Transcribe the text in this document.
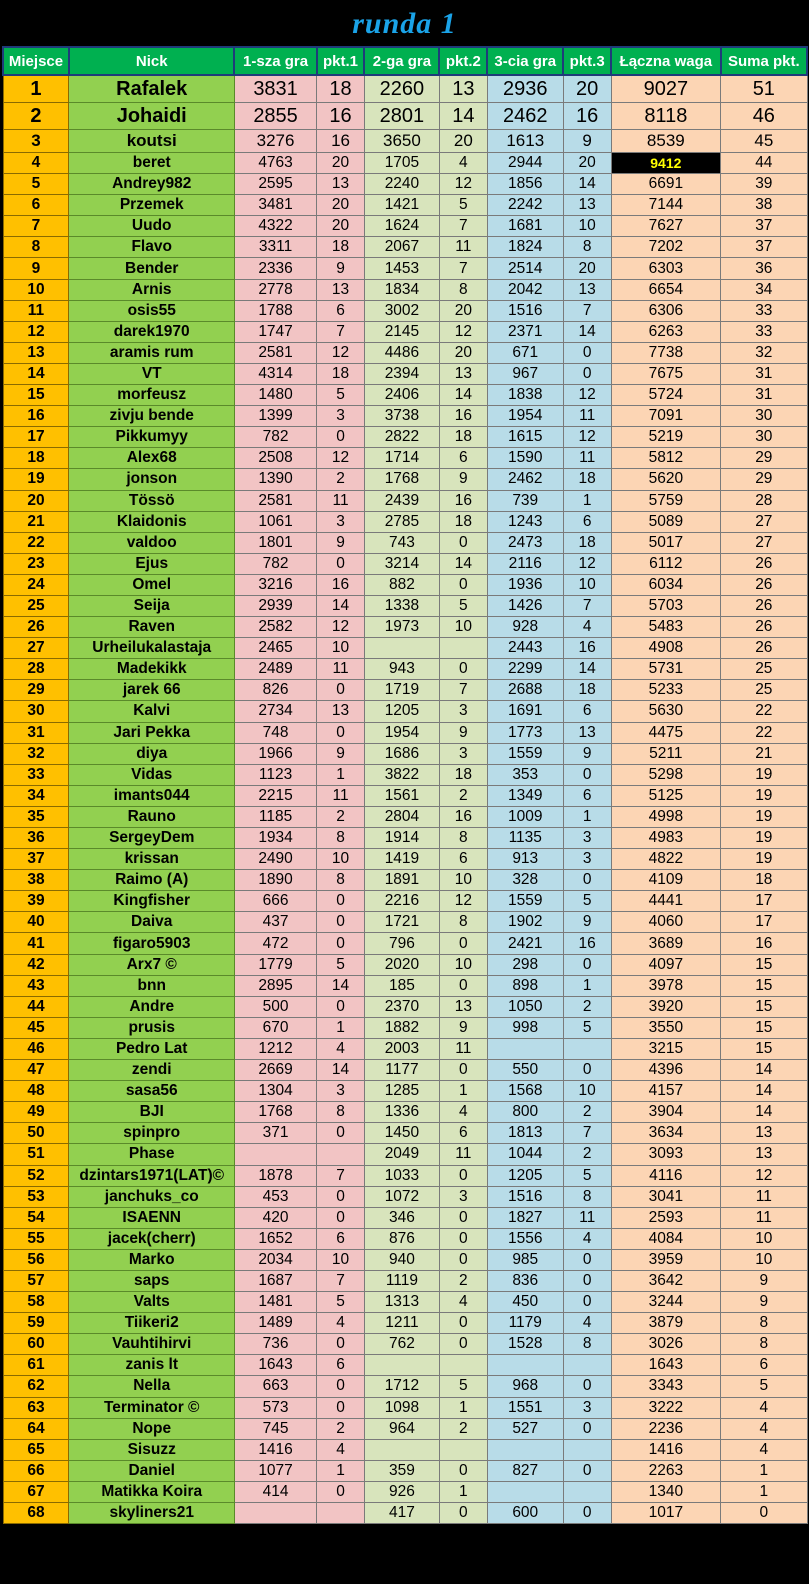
runda 1
Miejsce	Nick	1-sza gra	pkt.1	2-ga gra	pkt.2	3-cia gra	pkt.3	Łączna waga	Suma pkt.
1	Rafalek	3831	18	2260	13	2936	20	9027	51
2	Johaidi	2855	16	2801	14	2462	16	8118	46
3	koutsi	3276	16	3650	20	1613	9	8539	45
4	beret	4763	20	1705	4	2944	20	9412	44
5	Andrey982	2595	13	2240	12	1856	14	6691	39
6	Przemek	3481	20	1421	5	2242	13	7144	38
7	Uudo	4322	20	1624	7	1681	10	7627	37
8	Flavo	3311	18	2067	11	1824	8	7202	37
9	Bender	2336	9	1453	7	2514	20	6303	36
10	Arnis	2778	13	1834	8	2042	13	6654	34
11	osis55	1788	6	3002	20	1516	7	6306	33
12	darek1970	1747	7	2145	12	2371	14	6263	33
13	aramis rum	2581	12	4486	20	671	0	7738	32
14	VT	4314	18	2394	13	967	0	7675	31
15	morfeusz	1480	5	2406	14	1838	12	5724	31
16	zivju bende	1399	3	3738	16	1954	11	7091	30
17	Pikkumyy	782	0	2822	18	1615	12	5219	30
18	Alex68	2508	12	1714	6	1590	11	5812	29
19	jonson	1390	2	1768	9	2462	18	5620	29
20	Tössö	2581	11	2439	16	739	1	5759	28
21	Klaidonis	1061	3	2785	18	1243	6	5089	27
22	valdoo	1801	9	743	0	2473	18	5017	27
23	Ejus	782	0	3214	14	2116	12	6112	26
24	Omel	3216	16	882	0	1936	10	6034	26
25	Seija	2939	14	1338	5	1426	7	5703	26
26	Raven	2582	12	1973	10	928	4	5483	26
27	Urheilukalastaja	2465	10			2443	16	4908	26
28	Madekikk	2489	11	943	0	2299	14	5731	25
29	jarek 66	826	0	1719	7	2688	18	5233	25
30	Kalvi	2734	13	1205	3	1691	6	5630	22
31	Jari Pekka	748	0	1954	9	1773	13	4475	22
32	diya	1966	9	1686	3	1559	9	5211	21
33	Vidas	1123	1	3822	18	353	0	5298	19
34	imants044	2215	11	1561	2	1349	6	5125	19
35	Rauno	1185	2	2804	16	1009	1	4998	19
36	SergeyDem	1934	8	1914	8	1135	3	4983	19
37	krissan	2490	10	1419	6	913	3	4822	19
38	Raimo (A)	1890	8	1891	10	328	0	4109	18
39	Kingfisher	666	0	2216	12	1559	5	4441	17
40	Daiva	437	0	1721	8	1902	9	4060	17
41	figaro5903	472	0	796	0	2421	16	3689	16
42	Arx7 ©	1779	5	2020	10	298	0	4097	15
43	bnn	2895	14	185	0	898	1	3978	15
44	Andre	500	0	2370	13	1050	2	3920	15
45	prusis	670	1	1882	9	998	5	3550	15
46	Pedro Lat	1212	4	2003	11			3215	15
47	zendi	2669	14	1177	0	550	0	4396	14
48	sasa56	1304	3	1285	1	1568	10	4157	14
49	BJI	1768	8	1336	4	800	2	3904	14
50	spinpro	371	0	1450	6	1813	7	3634	13
51	Phase			2049	11	1044	2	3093	13
52	dzintars1971(LAT)©	1878	7	1033	0	1205	5	4116	12
53	janchuks_co	453	0	1072	3	1516	8	3041	11
54	ISAENN	420	0	346	0	1827	11	2593	11
55	jacek(cherr)	1652	6	876	0	1556	4	4084	10
56	Marko	2034	10	940	0	985	0	3959	10
57	saps	1687	7	1119	2	836	0	3642	9
58	Valts	1481	5	1313	4	450	0	3244	9
59	Tiikeri2	1489	4	1211	0	1179	4	3879	8
60	Vauhtihirvi	736	0	762	0	1528	8	3026	8
61	zanis lt	1643	6					1643	6
62	Nella	663	0	1712	5	968	0	3343	5
63	Terminator ©	573	0	1098	1	1551	3	3222	4
64	Nope	745	2	964	2	527	0	2236	4
65	Sisuzz	1416	4					1416	4
66	Daniel	1077	1	359	0	827	0	2263	1
67	Matikka Koira	414	0	926	1			1340	1
68	skyliners21			417	0	600	0	1017	0
